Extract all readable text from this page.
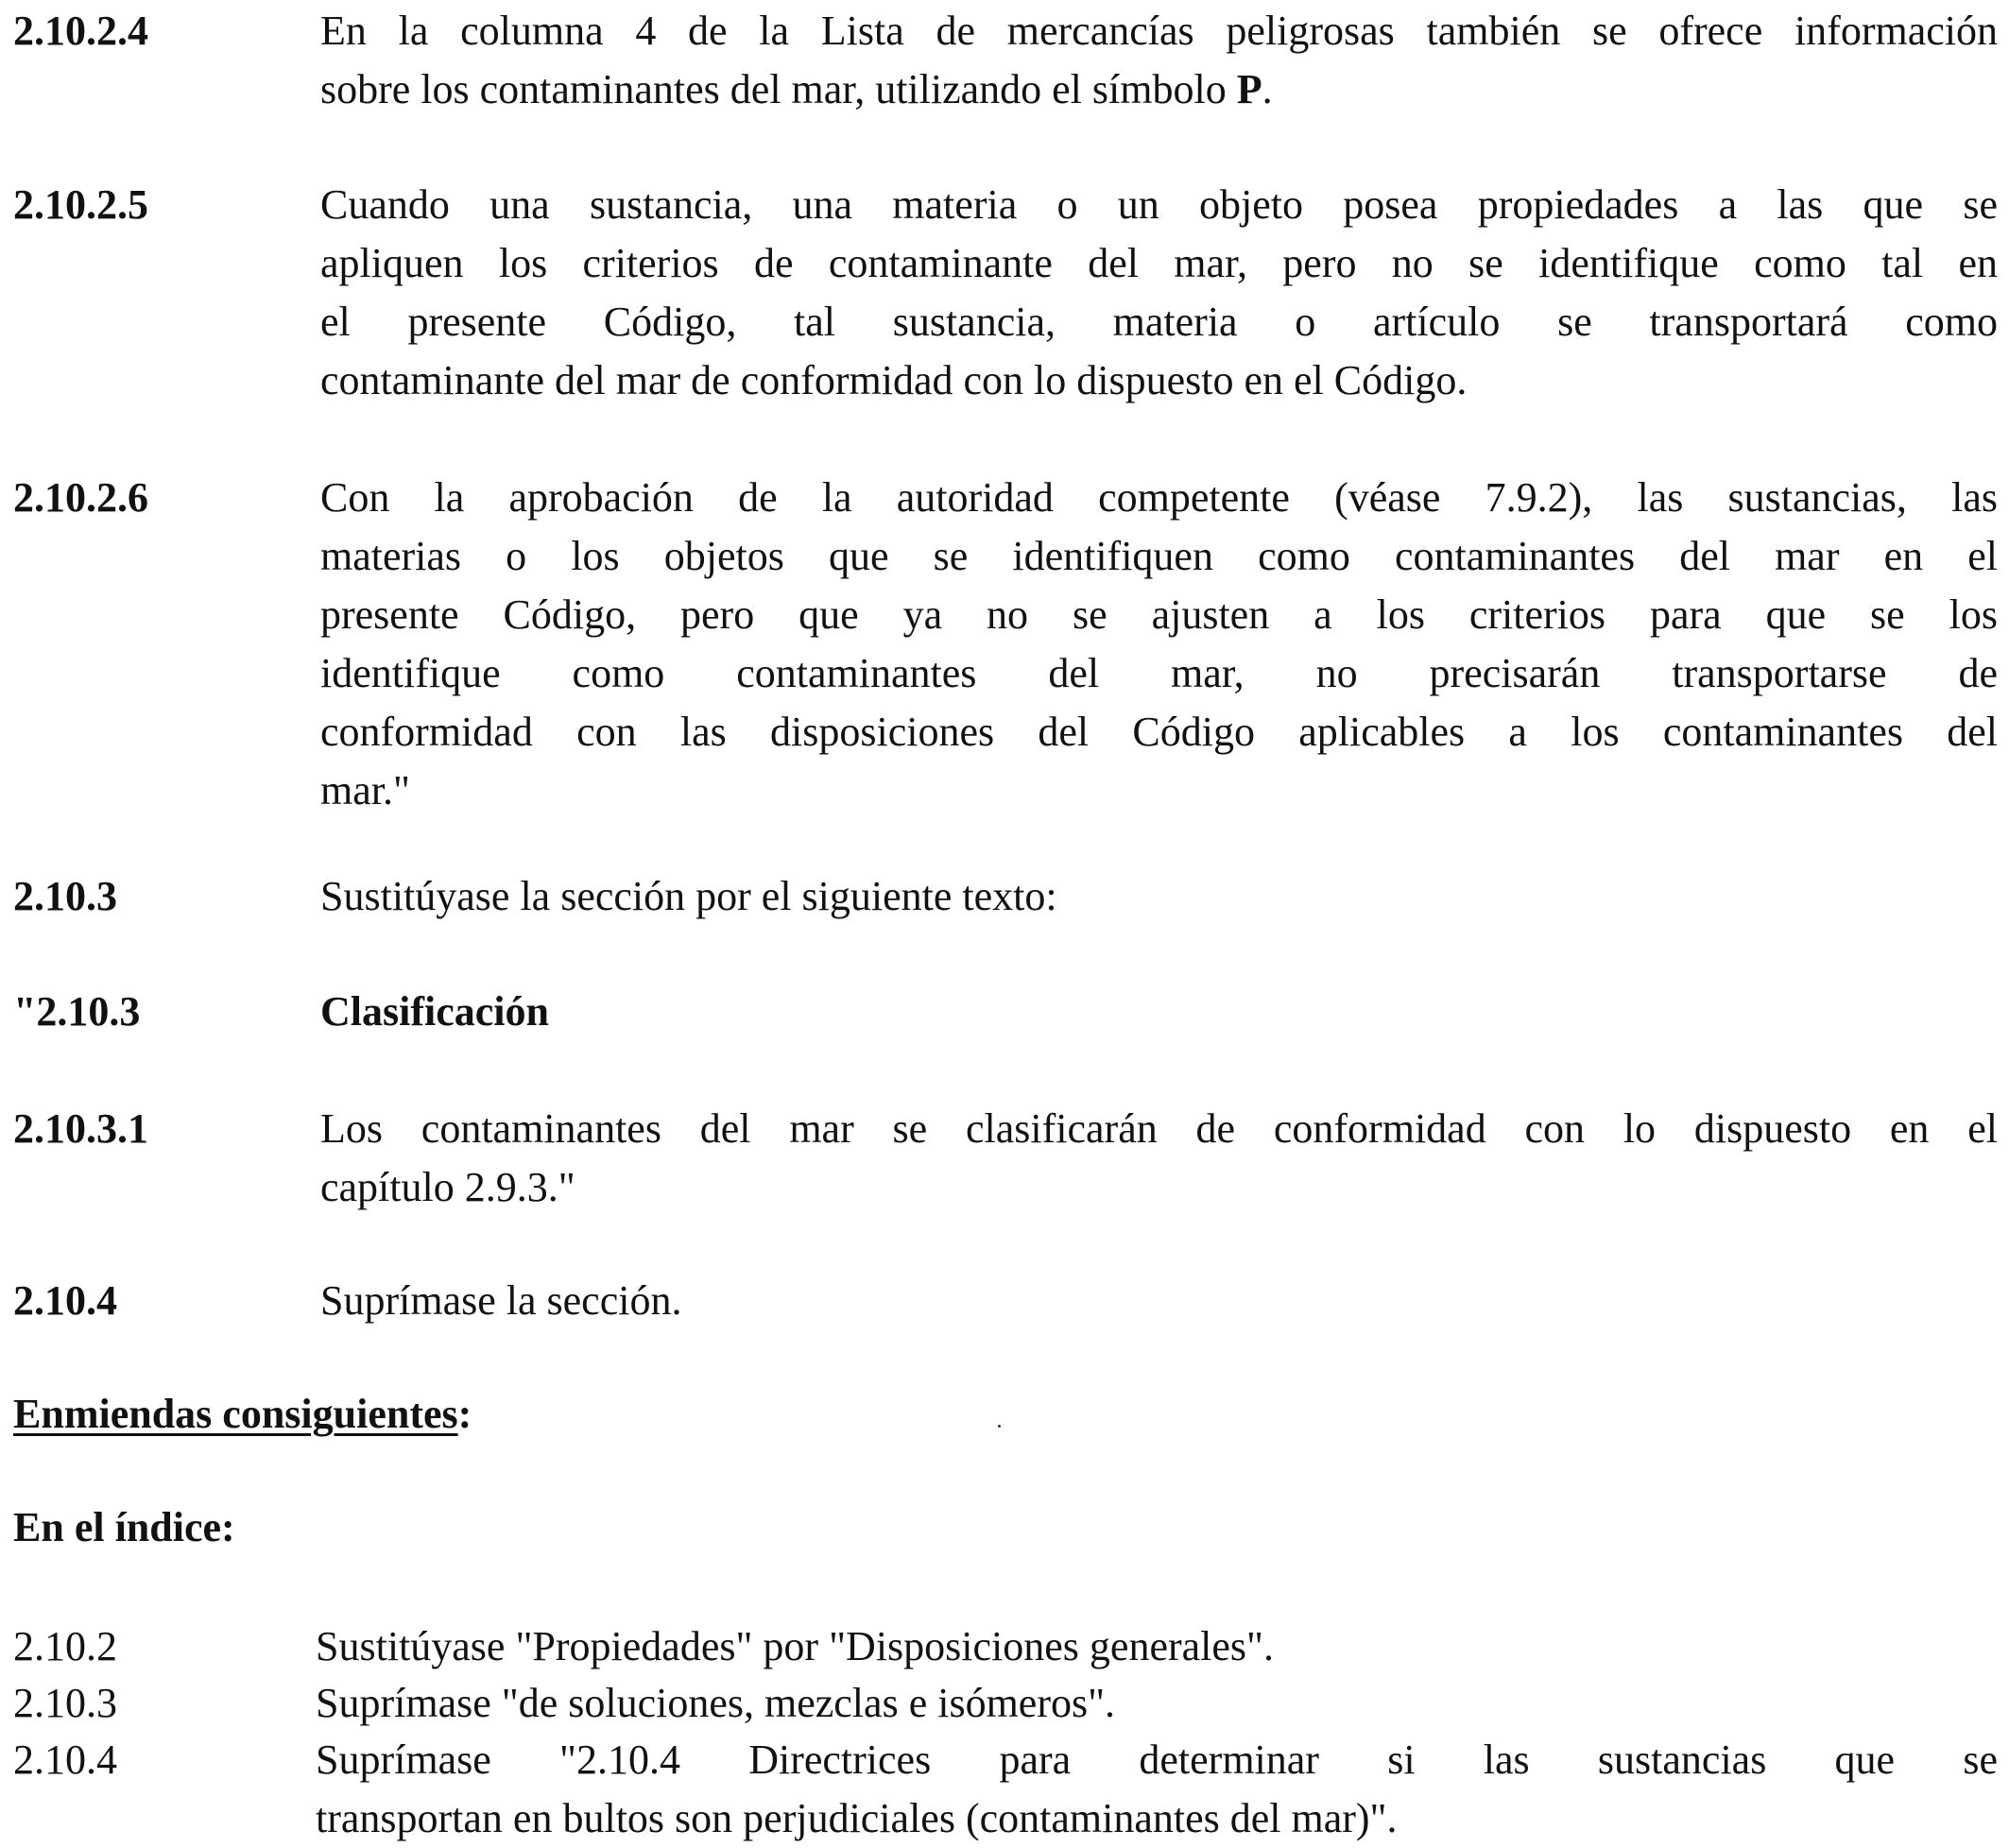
2.10.2.4	En la columna 4 de la Lista de mercancías peligrosas también se ofrece información
sobre los contaminantes del mar, utilizando el símbolo P.
2.10.2.5	Cuando una sustancia, una materia o un objeto posea propiedades a las que se
apliquen los criterios de contaminante del mar, pero no se identifique como tal en
el presente Código, tal sustancia, materia o artículo se transportará como
contaminante del mar de conformidad con lo dispuesto en el Código.
2.10.2.6	Con la aprobación de la autoridad competente (véase 7.9.2), las sustancias, las
materias o los objetos que se identifiquen como contaminantes del mar en el
presente Código, pero que ya no se ajusten a los criterios para que se los
identifique como contaminantes del mar, no precisarán transportarse de
conformidad con las disposiciones del Código aplicables a los contaminantes del
mar."
2.10.3	Sustitúyase la sección por el siguiente texto:
"2.10.3	Clasificación
2.10.3.1	Los contaminantes del mar se clasificarán de conformidad con lo dispuesto en el
capítulo 2.9.3."
2.10.4	Suprímase la sección.
Enmiendas consiguientes:
En el índice:
2.10.2	Sustitúyase "Propiedades" por "Disposiciones generales".
2.10.3	Suprímase "de soluciones, mezclas e isómeros".
2.10.4	Suprímase "2.10.4 Directrices para determinar si las sustancias que se
transportan en bultos son perjudiciales (contaminantes del mar)".
